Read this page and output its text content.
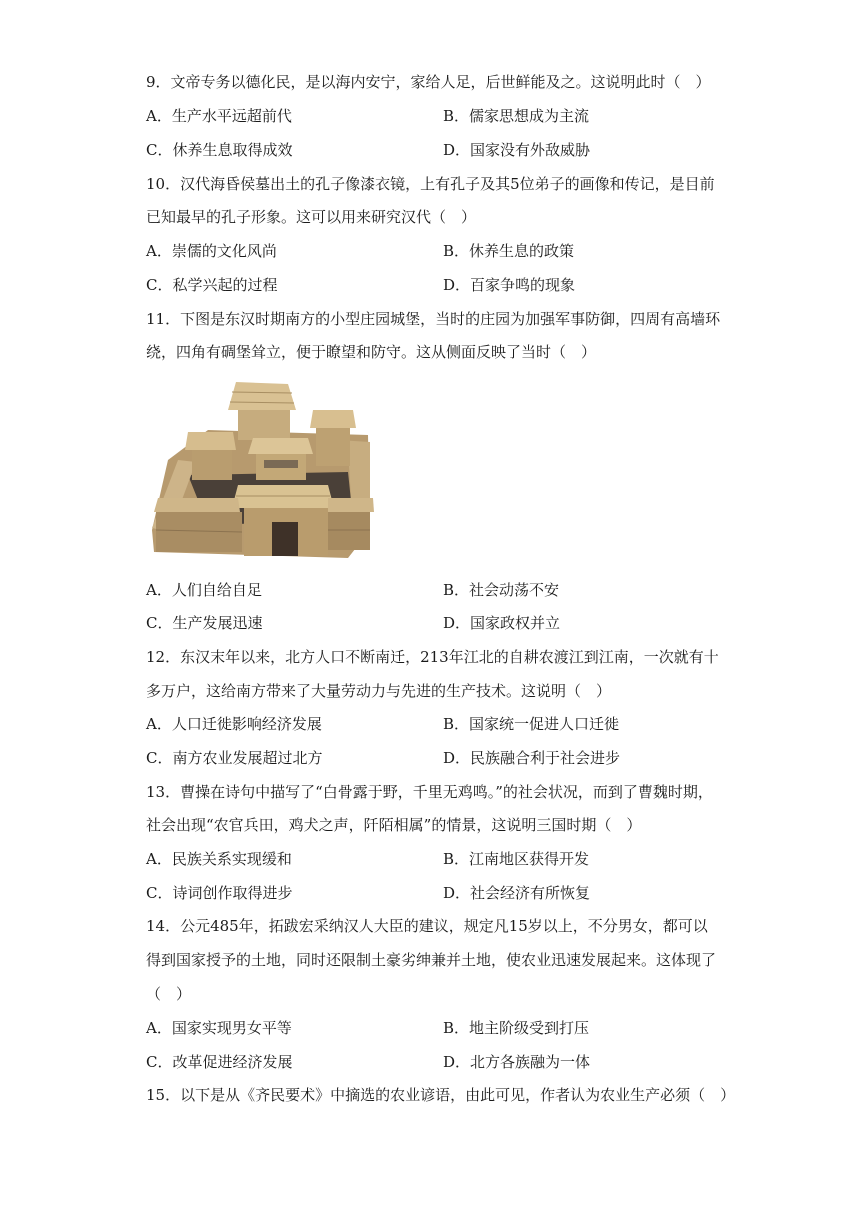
9．文帝专务以德化民，是以海内安宁，家给人足，后世鲜能及之。这说明此时（　）
A．生产水平远超前代	B．儒家思想成为主流
C．休养生息取得成效	D．国家没有外敌威胁
10．汉代海昏侯墓出土的孔子像漆衣镜，上有孔子及其5位弟子的画像和传记，是目前
已知最早的孔子形象。这可以用来研究汉代（　）
A．崇儒的文化风尚	B．休养生息的政策
C．私学兴起的过程	D．百家争鸣的现象
11．下图是东汉时期南方的小型庄园城堡，当时的庄园为加强军事防御，四周有高墙环
绕，四角有碉堡耸立，便于瞭望和防守。这从侧面反映了当时（　）
A．人们自给自足	B．社会动荡不安
C．生产发展迅速	D．国家政权并立
12．东汉末年以来，北方人口不断南迁，213年江北的自耕农渡江到江南，一次就有十
多万户，这给南方带来了大量劳动力与先进的生产技术。这说明（　）
A．人口迁徙影响经济发展	B．国家统一促进人口迁徙
C．南方农业发展超过北方	D．民族融合利于社会进步
13．曹操在诗句中描写了“白骨露于野，千里无鸡鸣。”的社会状况，而到了曹魏时期，
社会出现“农官兵田，鸡犬之声，阡陌相属”的情景，这说明三国时期（　）
A．民族关系实现缓和	B．江南地区获得开发
C．诗词创作取得进步	D．社会经济有所恢复
14．公元485年，拓跋宏采纳汉人大臣的建议，规定凡15岁以上，不分男女，都可以
得到国家授予的土地，同时还限制土豪劣绅兼并土地，使农业迅速发展起来。这体现了
（　）
A．国家实现男女平等	B．地主阶级受到打压
C．改革促进经济发展	D．北方各族融为一体
15．以下是从《齐民要术》中摘选的农业谚语，由此可见，作者认为农业生产必须（　）
